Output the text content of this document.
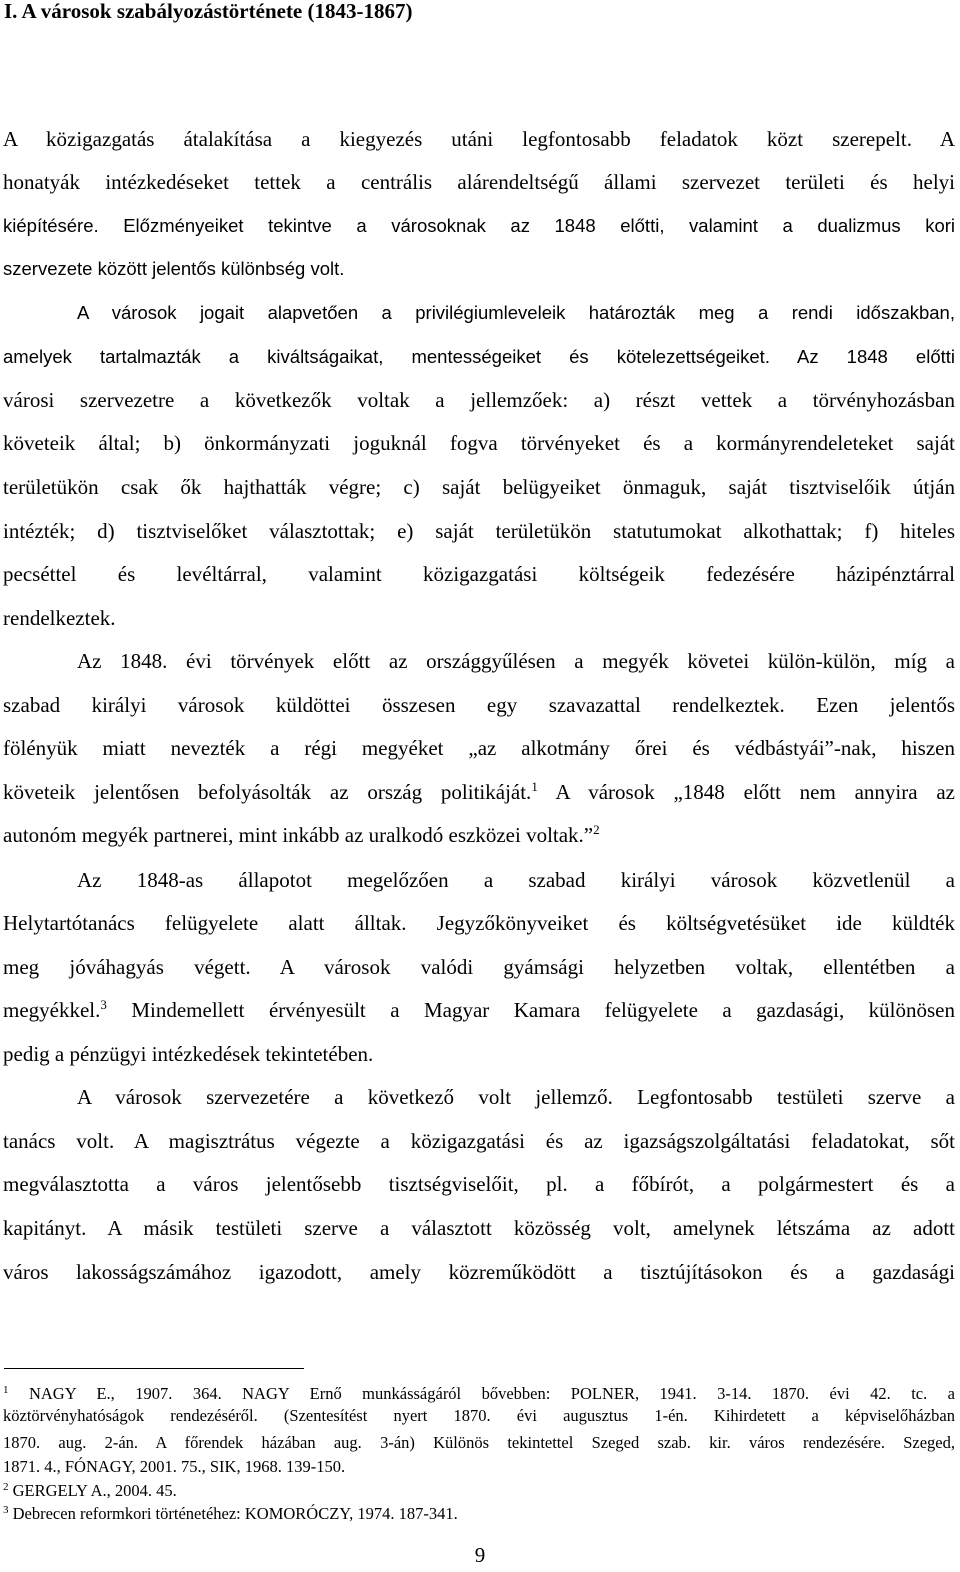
I. A városok szabályozástörténete (1843-1867)
A közigazgatás átalakítása a kiegyezés utáni legfontosabb feladatok közt szerepelt. A
honatyák intézkedéseket tettek a centrális alárendeltségű állami szervezet területi és helyi
kiépítésére. Előzményeiket tekintve a városoknak az 1848 előtti, valamint a dualizmus kori
szervezete között jelentős különbség volt.
A városok jogait alapvetően a privilégiumleveleik határozták meg a rendi időszakban,
amelyek tartalmazták a kiváltságaikat, mentességeiket és kötelezettségeiket. Az 1848 előtti
városi szervezetre a következők voltak a jellemzőek: a) részt vettek a törvényhozásban
követeik által; b) önkormányzati joguknál fogva törvényeket és a kormányrendeleteket saját
területükön csak ők hajthatták végre; c) saját belügyeiket önmaguk, saját tisztviselőik útján
intézték; d) tisztviselőket választottak; e) saját területükön statutumokat alkothattak; f) hiteles
pecséttel és levéltárral, valamint közigazgatási költségeik fedezésére házipénztárral
rendelkeztek.
Az 1848. évi törvények előtt az országgyűlésen a megyék követei külön-külön, míg a
szabad királyi városok küldöttei összesen egy szavazattal rendelkeztek. Ezen jelentős
fölényük miatt nevezték a régi megyéket „az alkotmány őrei és védbástyái”-nak, hiszen
követeik jelentősen befolyásolták az ország politikáját.$^1$ A városok „1848 előtt nem annyira az
autonóm megyék partnerei, mint inkább az uralkodó eszközei voltak.”$^2$
Az 1848-as állapotot megelőzően a szabad királyi városok közvetlenül a
Helytartótanács felügyelete alatt álltak. Jegyzőkönyveiket és költségvetésüket ide küldték
meg jóváhagyás végett. A városok valódi gyámsági helyzetben voltak, ellentétben a
megyékkel.$^3$ Mindemellett érvényesült a Magyar Kamara felügyelete a gazdasági, különösen
pedig a pénzügyi intézkedések tekintetében.
A városok szervezetére a következő volt jellemző. Legfontosabb testületi szerve a
tanács volt. A magisztrátus végezte a közigazgatási és az igazságszolgáltatási feladatokat, sőt
megválasztotta a város jelentősebb tisztségviselőit, pl. a főbírót, a polgármestert és a
kapitányt. A másik testületi szerve a választott közösség volt, amelynek létszáma az adott
város lakosságszámához igazodott, amely közreműködött a tisztújításokon és a gazdasági
$^1$ NAGY E., 1907. 364. NAGY Ernő munkásságáról bővebben: POLNER, 1941. 3-14. 1870. évi 42. tc. a
köztörvényhatóságok rendezéséről. (Szentesítést nyert 1870. évi augusztus 1-én. Kihirdetett a képviselőházban
1870. aug. 2-án. A főrendek házában aug. 3-án) Különös tekintettel Szeged szab. kir. város rendezésére. Szeged,
1871. 4., FÓNAGY, 2001. 75., SIK, 1968. 139-150.
$^2$ GERGELY A., 2004. 45.
$^3$ Debrecen reformkori történetéhez: KOMORÓCZY, 1974. 187-341.
9
